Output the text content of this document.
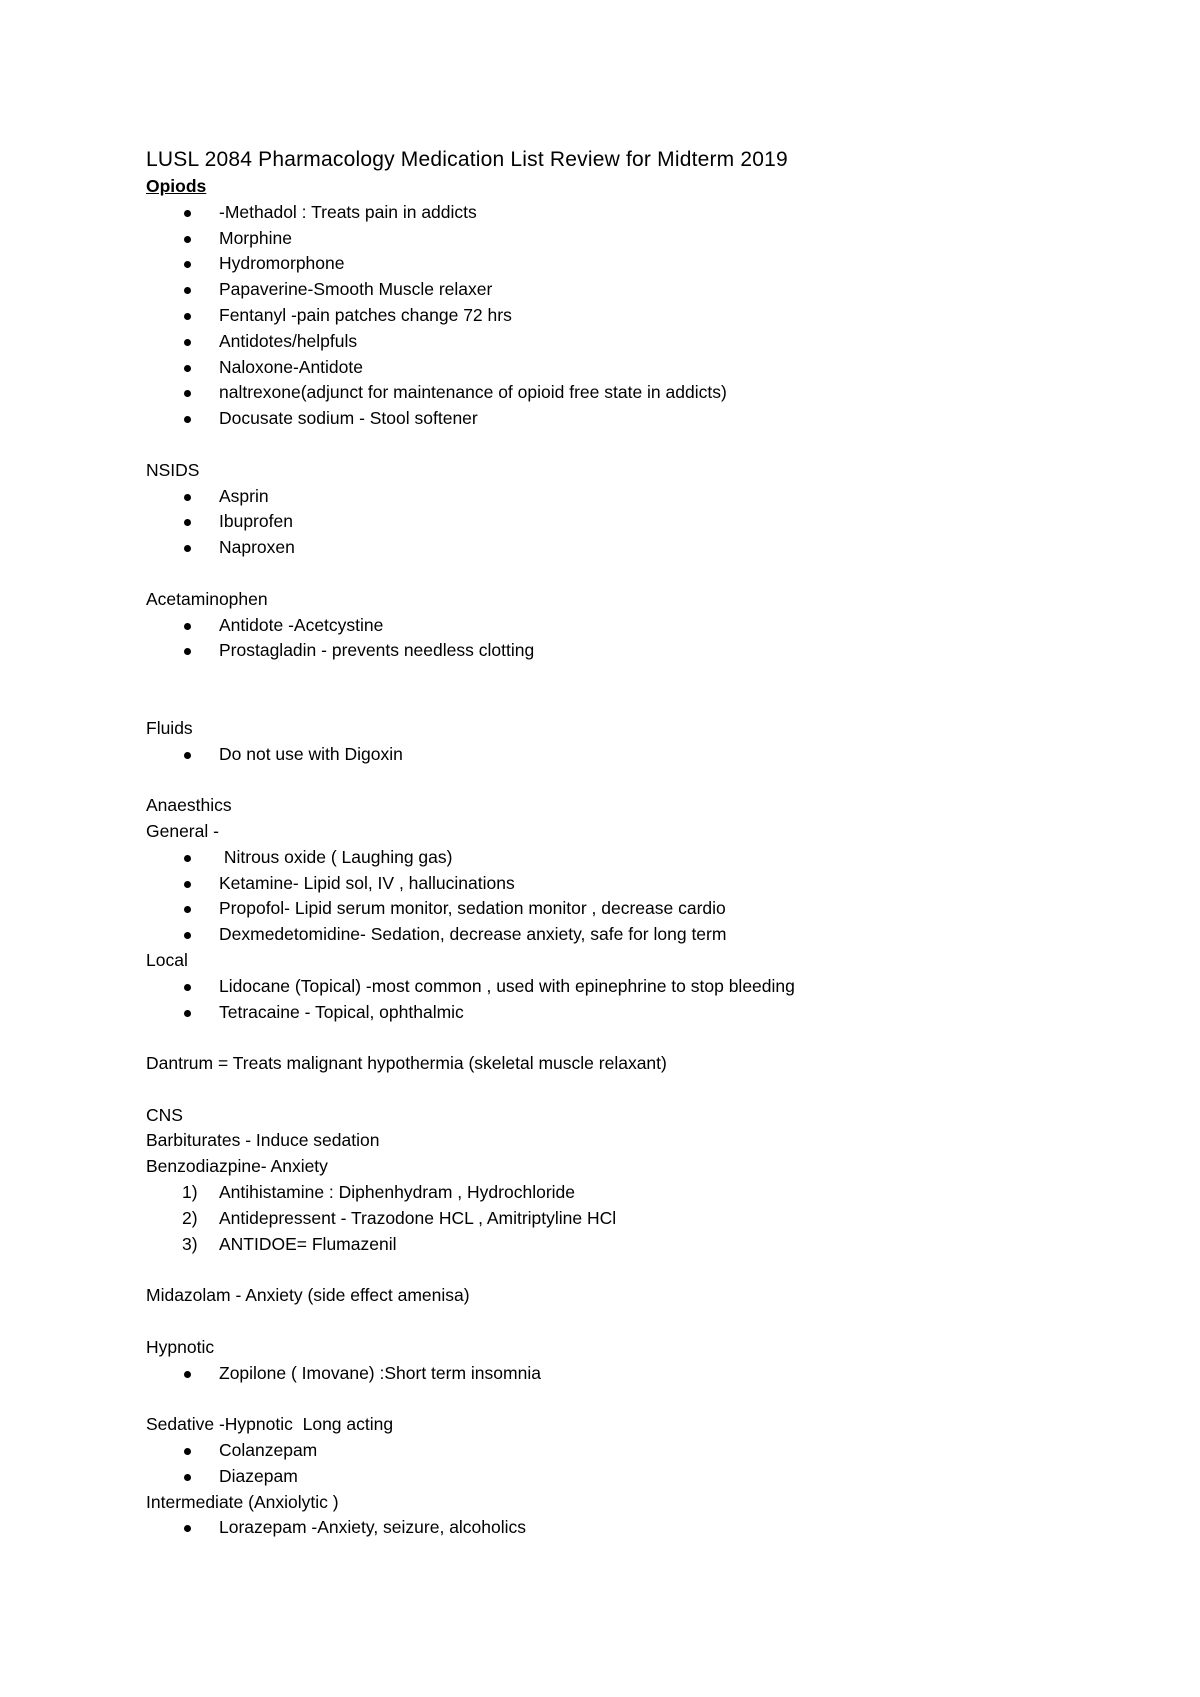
LUSL 2084 Pharmacology Medication List Review for Midterm 2019

Opiods

-Methadol : Treats pain in addicts
Morphine
Hydromorphone
Papaverine-Smooth Muscle relaxer
Fentanyl -pain patches change 72 hrs
Antidotes/helpfuls
Naloxone-Antidote
naltrexone(adjunct for maintenance of opioid free state in addicts)
Docusate sodium - Stool softener

NSIDS

Asprin
Ibuprofen
Naproxen

Acetaminophen

Antidote -Acetcystine
Prostagladin - prevents needless clotting

Fluids

Do not use with Digoxin

Anaesthics

General -

Nitrous oxide ( Laughing gas)
Ketamine- Lipid sol, IV , hallucinations
Propofol- Lipid serum monitor, sedation monitor , decrease cardio
Dexmedetomidine- Sedation, decrease anxiety, safe for long term

Local

Lidocane (Topical) -most common , used with epinephrine to stop bleeding
Tetracaine - Topical, ophthalmic

Dantrum = Treats malignant hypothermia (skeletal muscle relaxant)

CNS

Barbiturates - Induce sedation

Benzodiazpine- Anxiety

1) Antihistamine : Diphenhydram , Hydrochloride
2) Antidepressent - Trazodone HCL , Amitriptyline HCl
3) ANTIDOE= Flumazenil

Midazolam - Anxiety (side effect amenisa)

Hypnotic

Zopilone ( Imovane) :Short term insomnia

Sedative -Hypnotic  Long acting

Colanzepam
Diazepam

Intermediate (Anxiolytic )

Lorazepam -Anxiety, seizure, alcoholics
